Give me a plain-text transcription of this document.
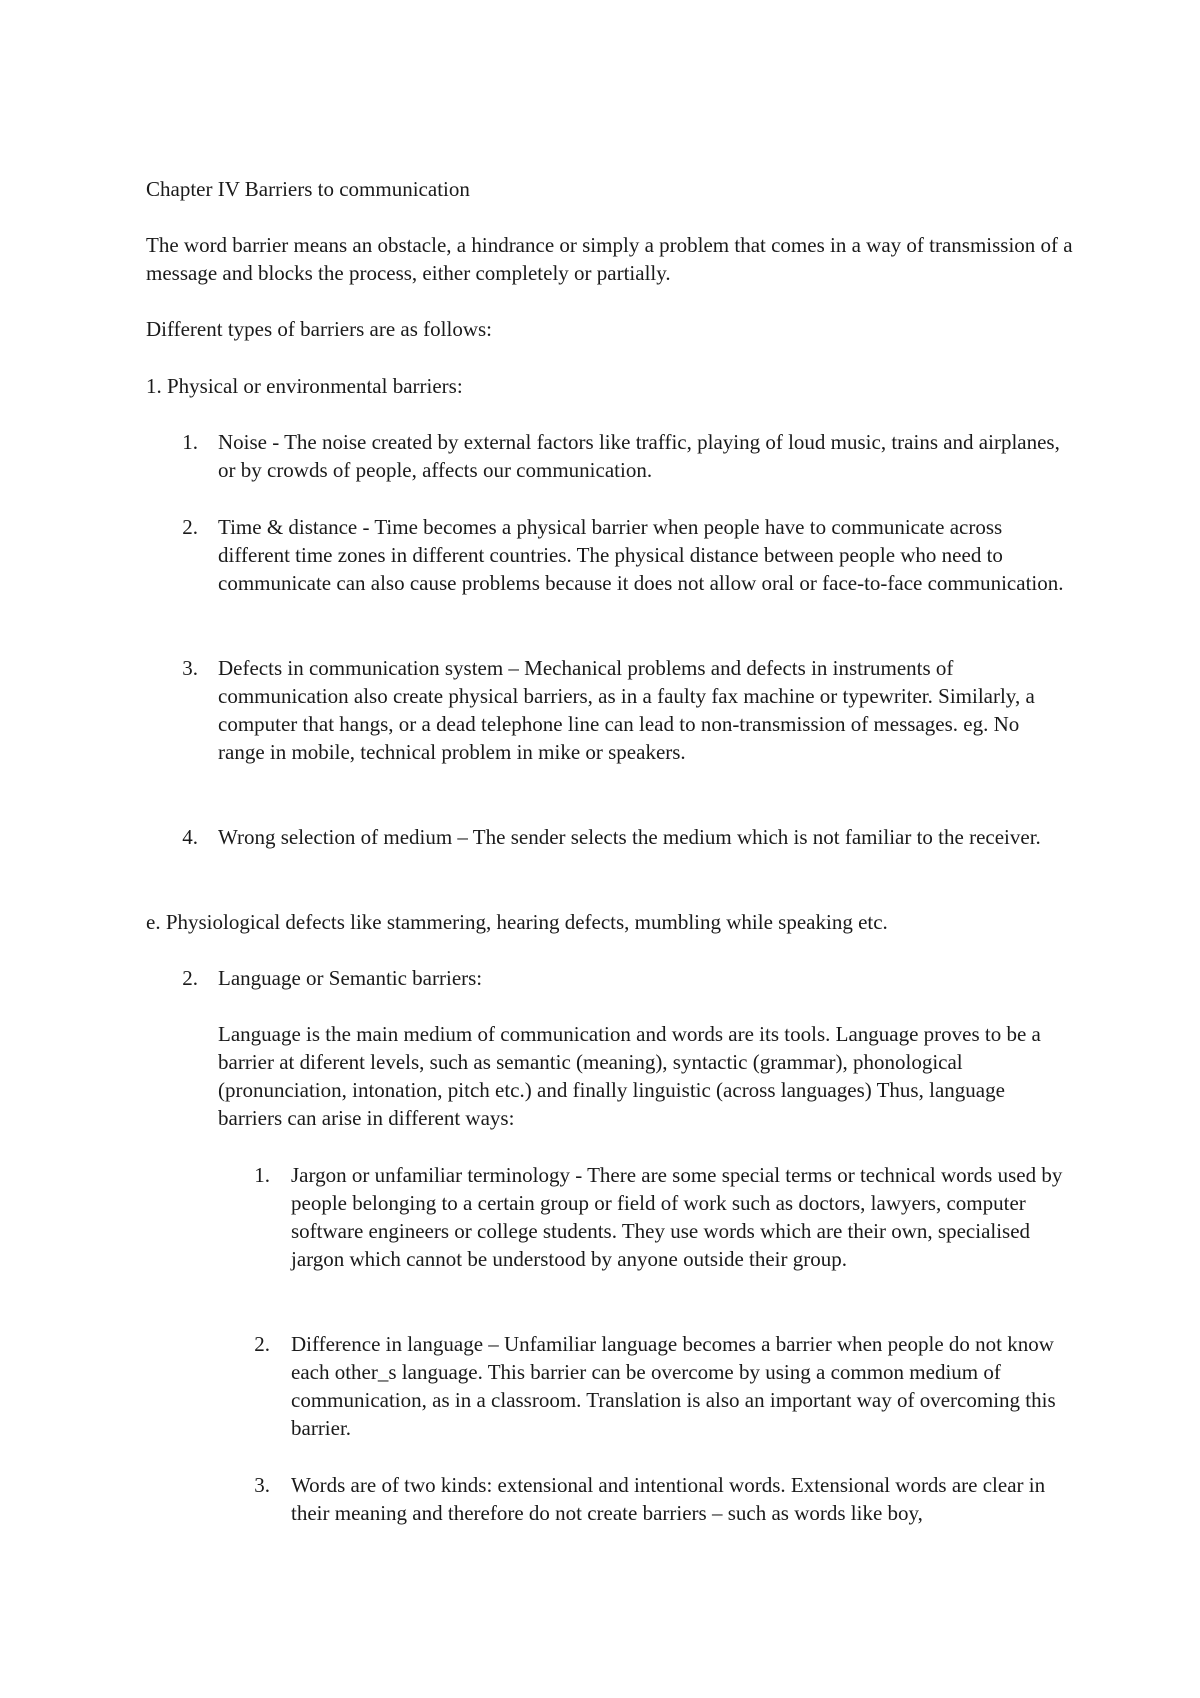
Chapter IV Barriers to communication

The word barrier means an obstacle, a hindrance or simply a problem that comes in a way of transmission of a message and blocks the process, either completely or partially.

Different types of barriers are as follows:

1. Physical or environmental barriers:

1. Noise - The noise created by external factors like traffic, playing of loud music, trains and airplanes, or by crowds of people, affects our communication.

2. Time & distance - Time becomes a physical barrier when people have to communicate across different time zones in different countries. The physical distance between people who need to communicate can also cause problems because it does not allow oral or face-to-face communication.

3. Defects in communication system – Mechanical problems and defects in instruments of communication also create physical barriers, as in a faulty fax machine or typewriter. Similarly, a computer that hangs, or a dead telephone line can lead to non-transmission of messages. eg. No range in mobile, technical problem in mike or speakers.

4. Wrong selection of medium – The sender selects the medium which is not familiar to the receiver.

e. Physiological defects like stammering, hearing defects, mumbling while speaking etc.

2. Language or Semantic barriers:

Language is the main medium of communication and words are its tools. Language proves to be a barrier at diferent levels, such as semantic (meaning), syntactic (grammar), phonological (pronunciation, intonation, pitch etc.) and finally linguistic (across languages) Thus, language barriers can arise in different ways:

1. Jargon or unfamiliar terminology - There are some special terms or technical words used by people belonging to a certain group or field of work such as doctors, lawyers, computer software engineers or college students. They use words which are their own, specialised jargon which cannot be understood by anyone outside their group.

2. Difference in language – Unfamiliar language becomes a barrier when people do not know each other_s language. This barrier can be overcome by using a common medium of communication, as in a classroom. Translation is also an important way of overcoming this barrier.

3. Words are of two kinds: extensional and intentional words. Extensional words are clear in their meaning and therefore do not create barriers – such as words like boy,
